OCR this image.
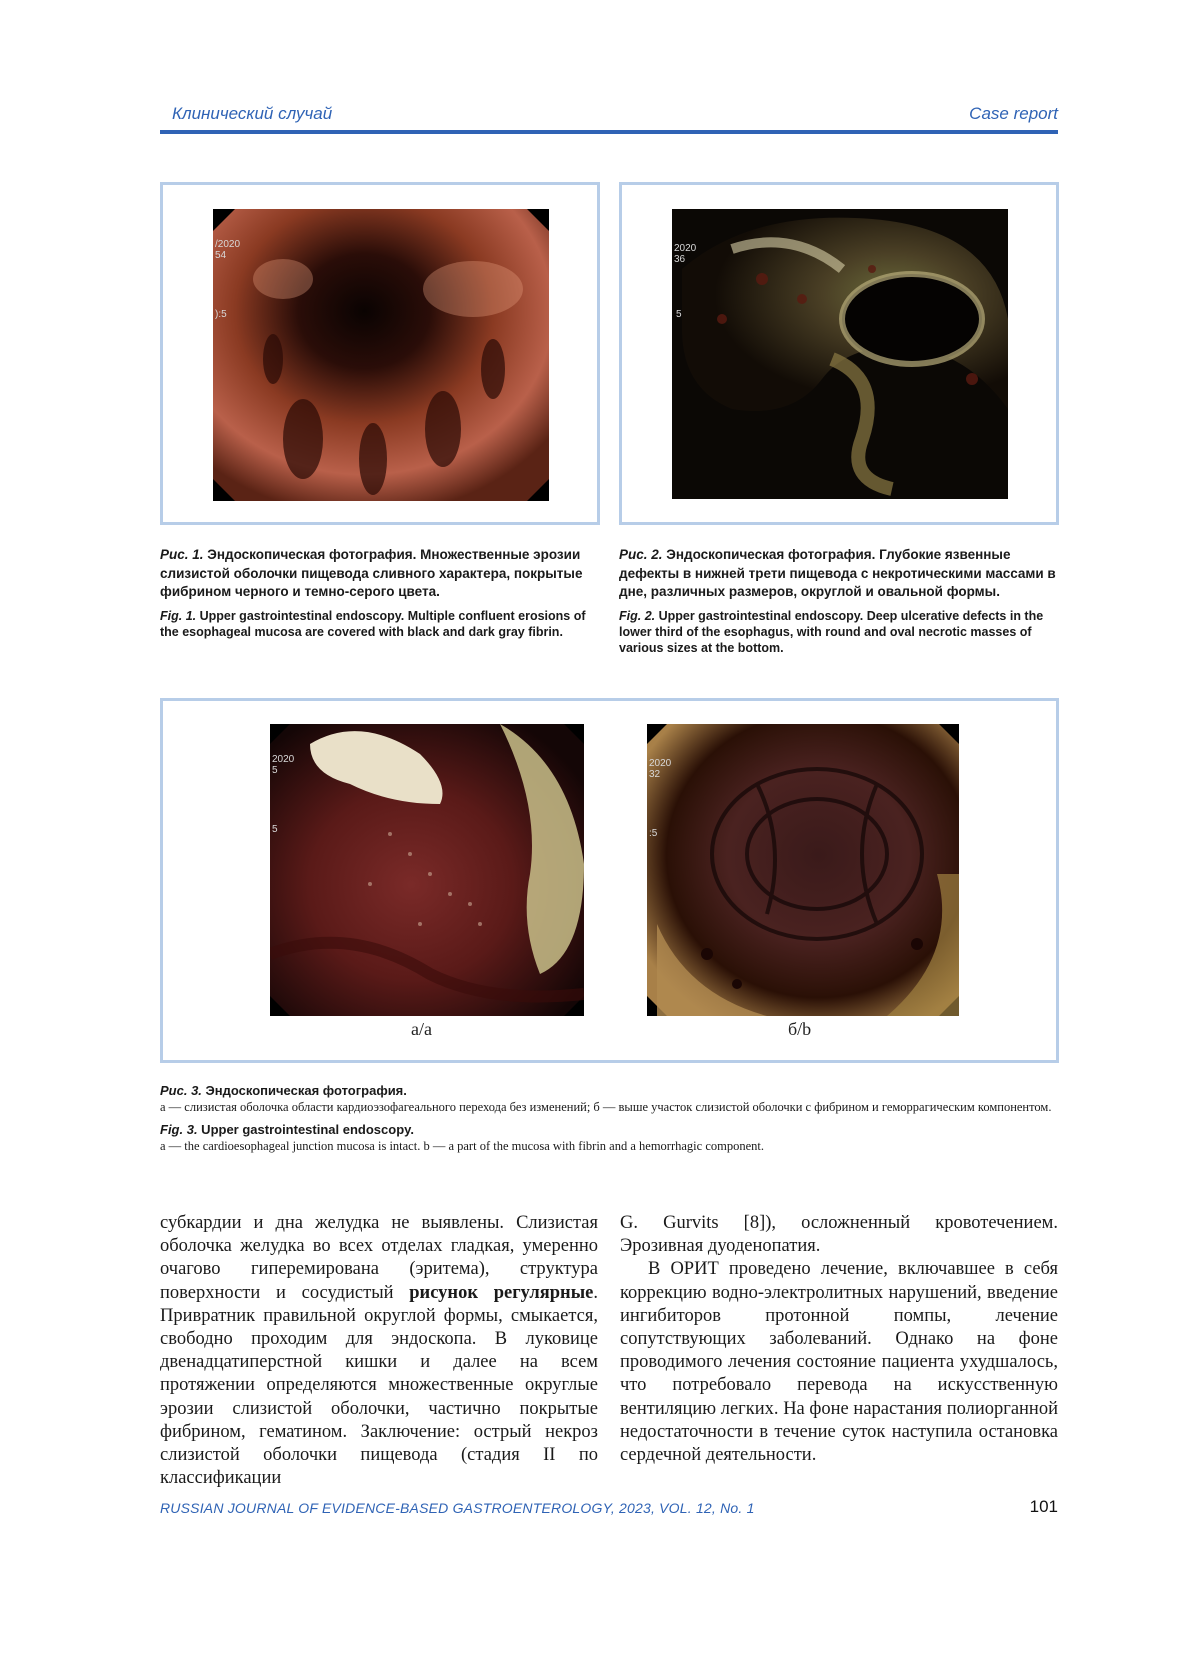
Клинический случай	Case report
/2020
54
):5
2020
36
5
Рис. 1. Эндоскопическая фотография. Множественные эрозии слизистой оболочки пищевода сливного характера, покрытые фибрином черного и темно-серого цвета.
Fig. 1. Upper gastrointestinal endoscopy. Multiple confluent erosions of the esophageal mucosa are covered with black and dark gray fibrin.
Рис. 2. Эндоскопическая фотография. Глубокие язвенные дефекты в нижней трети пищевода с некротическими массами в дне, различных размеров, округлой и овальной формы.
Fig. 2. Upper gastrointestinal endoscopy. Deep ulcerative defects in the lower third of the esophagus, with round and oval necrotic masses of various sizes at the bottom.
2020
5
5
2020
32
:5
а/a	б/b
Рис. 3. Эндоскопическая фотография.
а — слизистая оболочка области кардиоэзофагеального перехода без изменений; б — выше участок слизистой оболочки с фибрином и геморрагическим компонентом.
Fig. 3. Upper gastrointestinal endoscopy.
a — the cardioesophageal junction mucosa is intact. b — a part of the mucosa with fibrin and a hemorrhagic component.

субкардии и дна желудка не выявлены. Слизистая оболочка желудка во всех отделах гладкая, умеренно очагово гиперемирована (эритема), структура поверхности и сосудистый рисунок регулярные. Привратник правильной округлой формы, смыкается, свободно проходим для эндоскопа. В луковице двенадцатиперстной кишки и далее на всем протяжении определяются множественные округлые эрозии слизистой оболочки, частично покрытые фибрином, гематином. Заключение: острый некроз слизистой оболочки пищевода (стадия II по классификации

G. Gurvits [8]), осложненный кровотечением. Эрозивная дуоденопатия.

В ОРИТ проведено лечение, включавшее в себя коррекцию водно-электролитных нарушений, введение ингибиторов протонной помпы, лечение сопутствующих заболеваний. Однако на фоне проводимого лечения состояние пациента ухудшалось, что потребовало перевода на искусственную вентиляцию легких. На фоне нарастания полиорганной недостаточности в течение суток наступила остановка сердечной деятельности.

RUSSIAN JOURNAL OF EVIDENCE-BASED GASTROENTEROLOGY, 2023, VOL. 12, No. 1	101
